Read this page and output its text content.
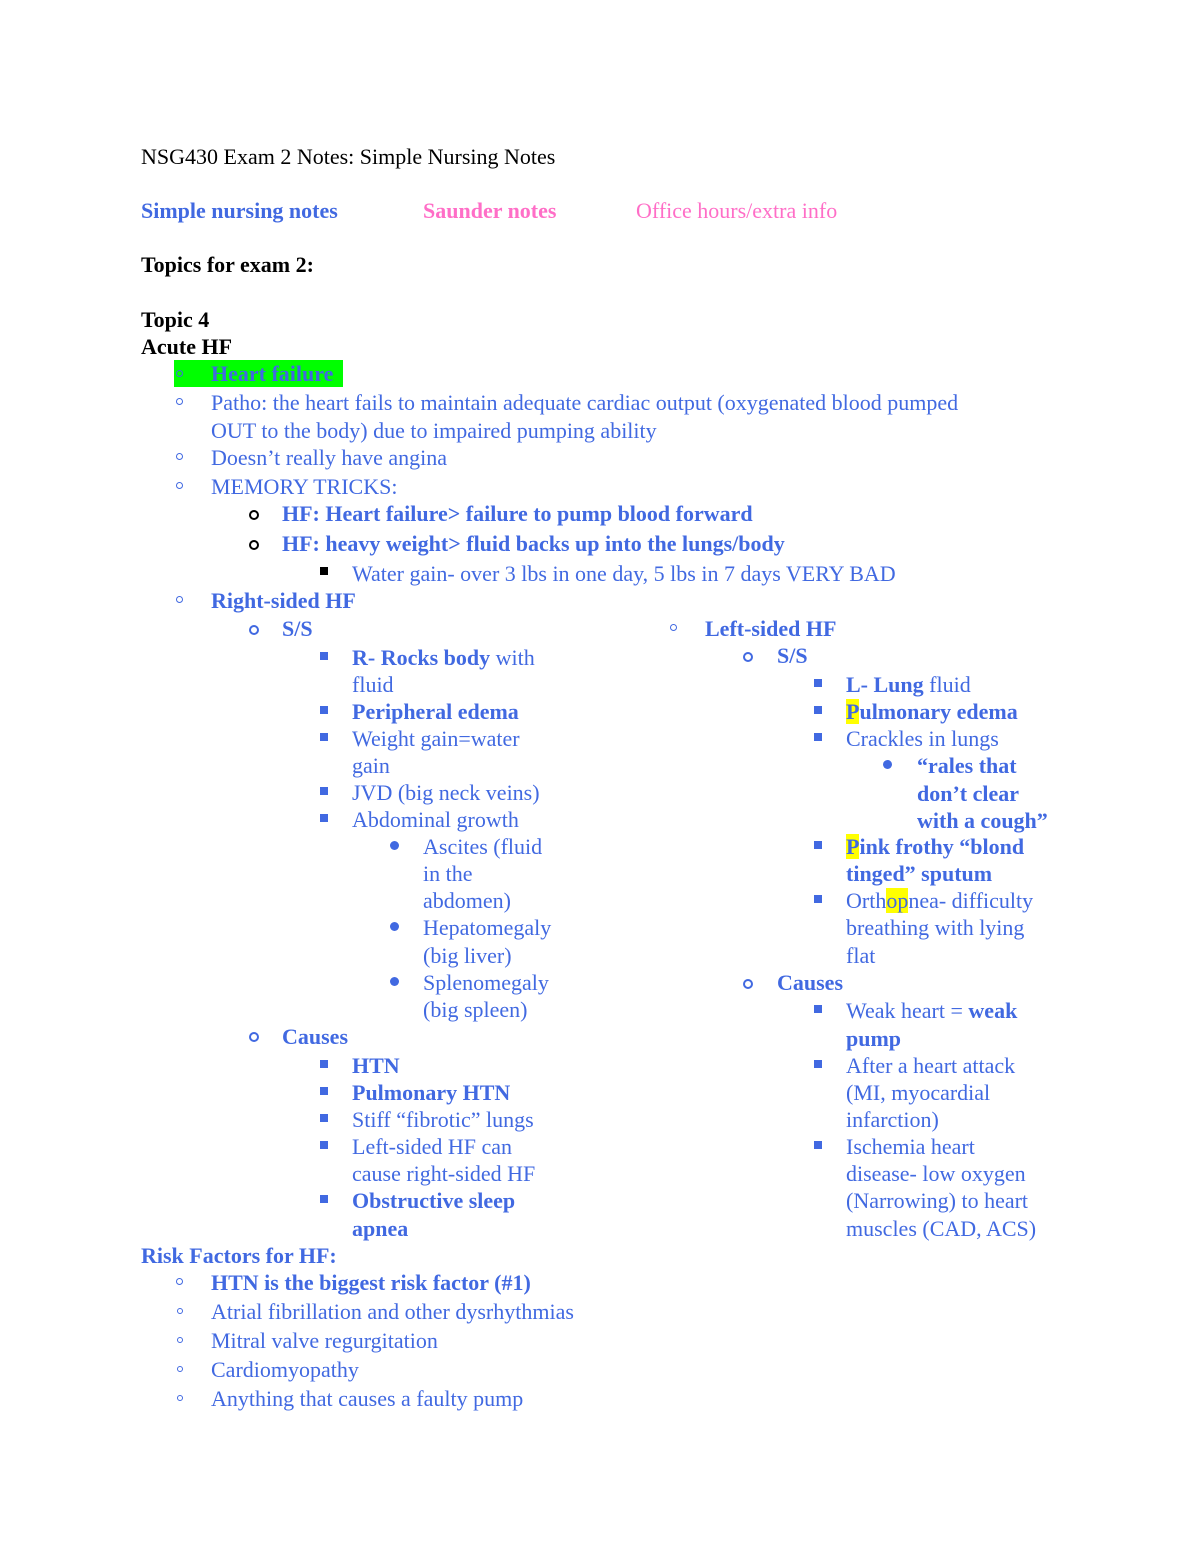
NSG430 Exam 2 Notes: Simple Nursing Notes
Simple nursing notes	Saunder notes	Office hours/extra info
Topics for exam 2:
Topic 4
Acute HF
Heart failure
Patho: the heart fails to maintain adequate cardiac output (oxygenated blood pumped
OUT to the body) due to impaired pumping ability
Doesn’t really have angina
MEMORY TRICKS:
HF: Heart failure> failure to pump blood forward
HF: heavy weight> fluid backs up into the lungs/body
Water gain- over 3 lbs in one day, 5 lbs in 7 days VERY BAD
Right-sided HF
S/S
R- Rocks body with
fluid
Peripheral edema
Weight gain=water
gain
JVD (big neck veins)
Abdominal growth
Ascites (fluid
in the
abdomen)
Hepatomegaly
(big liver)
Splenomegaly
(big spleen)
Causes
HTN
Pulmonary HTN
Stiff “fibrotic” lungs
Left-sided HF can
cause right-sided HF
Obstructive sleep
apnea
Left-sided HF
S/S
L- Lung fluid
Pulmonary edema
Crackles in lungs
“rales that
don’t clear
with a cough”
Pink frothy “blond
tinged” sputum
Orthopnea- difficulty
breathing with lying
flat
Causes
Weak heart = weak
pump
After a heart attack
(MI, myocardial
infarction)
Ischemia heart
disease- low oxygen
(Narrowing) to heart
muscles (CAD, ACS)
Risk Factors for HF:
HTN is the biggest risk factor (#1)
Atrial fibrillation and other dysrhythmias
Mitral valve regurgitation
Cardiomyopathy
Anything that causes a faulty pump
